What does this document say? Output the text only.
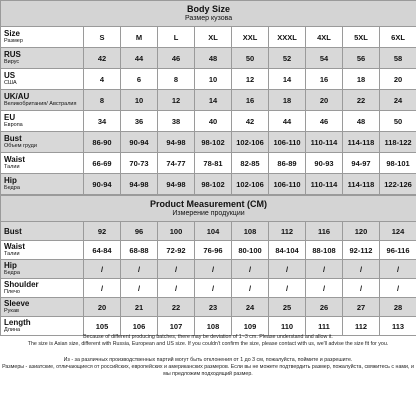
Body Size
Размер кузова									

Size
Размер	S	M	L	XL	XXL	XXXL	4XL	5XL	6XL

RUS
Вирус	42	44	46	48	50	52	54	56	58

US
США	4	6	8	10	12	14	16	18	20

UK/AU
Великобритания/ Австралия	8	10	12	14	16	18	20	22	24

EU
Европа	34	36	38	40	42	44	46	48	50

Bust
Объем груди	86-90	90-94	94-98	98-102	102-106	106-110	110-114	114-118	118-122

Waist
Талии	66-69	70-73	74-77	78-81	82-85	86-89	90-93	94-97	98-101

Hip
Бедра	90-94	94-98	94-98	98-102	102-106	106-110	110-114	114-118	122-126
Product Measurement (CM)
Измерение продукции									

Bust	92	96	100	104	108	112	116	120	124

Waist
Талии	64-84	68-88	72-92	76-96	80-100	84-104	88-108	92-112	96-116

Hip
Бедра	/	/	/	/	/	/	/	/	/

Shoulder
Плечо	/	/	/	/	/	/	/	/	/

Sleeve
Рукав	20	21	22	23	24	25	26	27	28

Length
Длина	105	106	107	108	109	110	111	112	113
Because of different producing batches, there may be deviation of 1~3 cm. Please understand and allow it.
The size is Asian size, different with Russia, European and US size. If you couldn't confirm the size, please contact with us, we'll advise the size fit for you.
Из - за различных производственных партий могут быть отклонения от 1 до 3 см, пожалуйста, поймите и разрешите.
Размеры - азиатские, отличающиеся от российских, европейских и американских размеров. Если вы не можете подтвердить размер, пожалуйста, свяжитесь с нами, и мы предложим подходящий размер.
